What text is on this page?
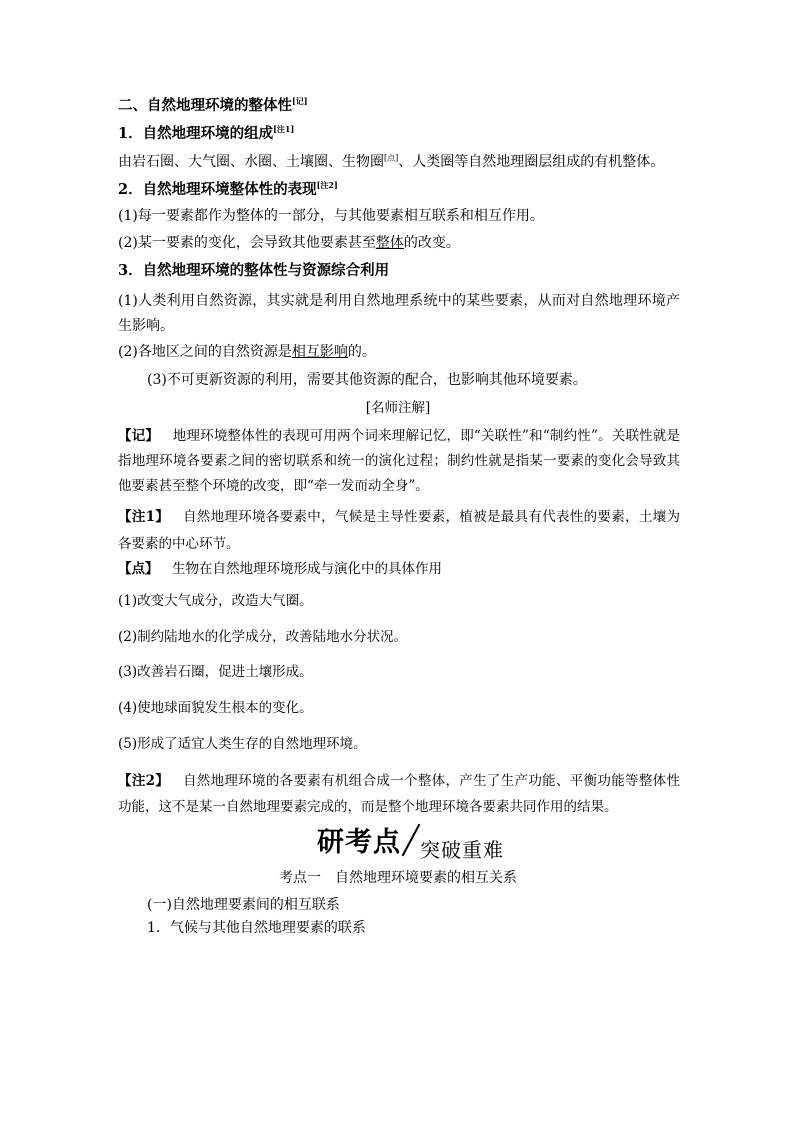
二、自然地理环境的整体性[记]
1．自然地理环境的组成[注1]
由岩石圈、大气圈、水圈、土壤圈、生物圈[点]、人类圈等自然地理圈层组成的有机整体。
2．自然地理环境整体性的表现[注2]
(1)每一要素都作为整体的一部分，与其他要素相互联系和相互作用。
(2)某一要素的变化，会导致其他要素甚至整体的改变。
3．自然地理环境的整体性与资源综合利用
(1)人类利用自然资源，其实就是利用自然地理系统中的某些要素，从而对自然地理环境产生影响。
(2)各地区之间的自然资源是相互影响的。
(3)不可更新资源的利用，需要其他资源的配合，也影响其他环境要素。
[名师注解]
【记】  地理环境整体性的表现可用两个词来理解记忆，即“关联性”和“制约性”。关联性就是指地理环境各要素之间的密切联系和统一的演化过程；制约性就是指某一要素的变化会导致其他要素甚至整个环境的改变，即“牵一发而动全身”。
【注1】  自然地理环境各要素中，气候是主导性要素，植被是最具有代表性的要素，土壤为各要素的中心环节。
【点】  生物在自然地理环境形成与演化中的具体作用
(1)改变大气成分，改造大气圈。
(2)制约陆地水的化学成分，改善陆地水分状况。
(3)改善岩石圈，促进土壤形成。
(4)使地球面貌发生根本的变化。
(5)形成了适宜人类生存的自然地理环境。
【注2】  自然地理环境的各要素有机组合成一个整体，产生了生产功能、平衡功能等整体性功能，这不是某一自然地理要素完成的，而是整个地理环境各要素共同作用的结果。
研考点 突破重难
考点一　自然地理环境要素的相互关系
(一)自然地理要素间的相互联系
1．气候与其他自然地理要素的联系
